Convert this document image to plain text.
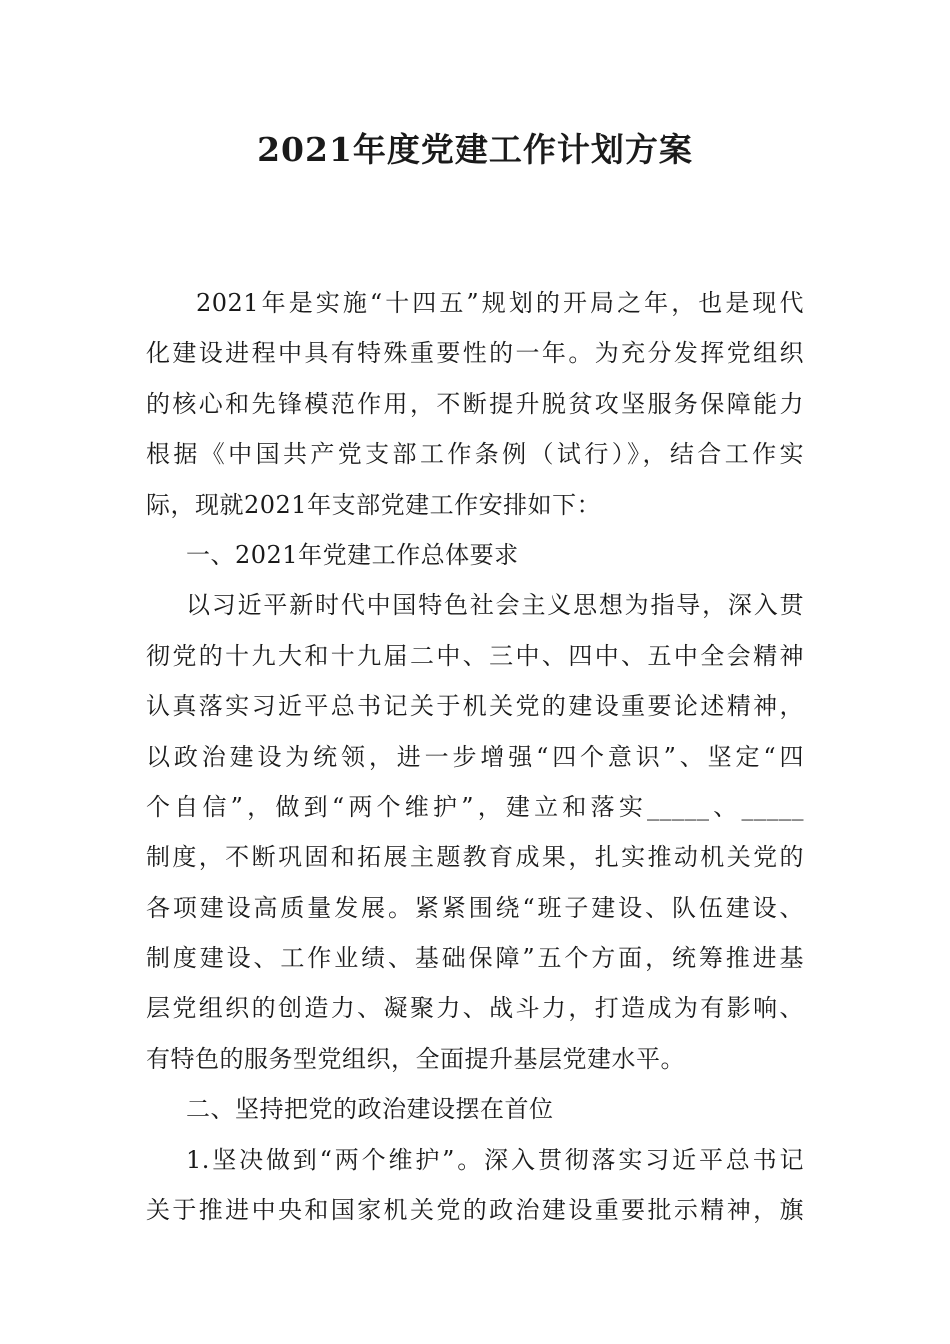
2021年度党建工作计划方案
2021年是实施“十四五”规划的开局之年，也是现代
化建设进程中具有特殊重要性的一年。为充分发挥党组织
的核心和先锋模范作用，不断提升脱贫攻坚服务保障能力
根据《中国共产党支部工作条例（试行）》，结合工作实
际，现就2021年支部党建工作安排如下：
一、2021年党建工作总体要求
以习近平新时代中国特色社会主义思想为指导，深入贯
彻党的十九大和十九届二中、三中、四中、五中全会精神
认真落实习近平总书记关于机关党的建设重要论述精神，
以政治建设为统领，进一步增强“四个意识”、坚定“四
个自信”，做到“两个维护”，建立和落实_____、_____
制度，不断巩固和拓展主题教育成果，扎实推动机关党的
各项建设高质量发展。紧紧围绕“班子建设、队伍建设、
制度建设、工作业绩、基础保障”五个方面，统筹推进基
层党组织的创造力、凝聚力、战斗力，打造成为有影响、
有特色的服务型党组织，全面提升基层党建水平。
二、坚持把党的政治建设摆在首位
1.坚决做到“两个维护”。深入贯彻落实习近平总书记
关于推进中央和国家机关党的政治建设重要批示精神，旗
